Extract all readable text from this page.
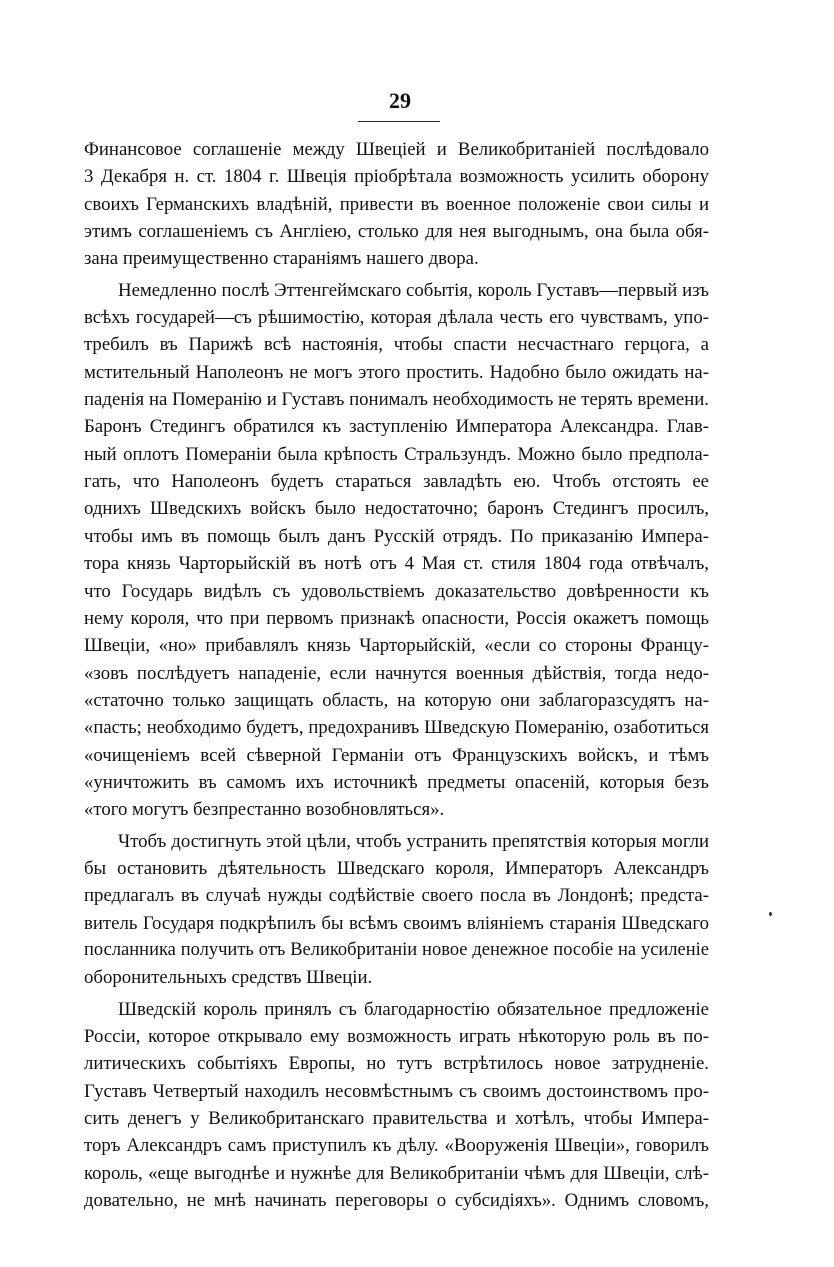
29
Финансовое соглашенiе между Швецiей и Великобританiей послѣдовало
3 Декабря н. ст. 1804 г. Швецiя прiобрѣтала возможность усилить оборону
своихъ Германскихъ владѣнiй, привести въ военное положенiе свои силы и
этимъ соглашенiемъ съ Англiею, столько для нея выгоднымъ, она была обя-
зана преимущественно старанiямъ нашего двора.
Немедленно послѣ Эттенгеймскаго событiя, король Густавъ—первый изъ
всѣхъ государей—съ рѣшимостiю, которая дѣлала честь его чувствамъ, упо-
требилъ въ Парижѣ всѣ настоянiя, чтобы спасти несчастнаго герцога, а
мстительный Наполеонъ не могъ этого простить. Надобно было ожидать на-
паденiя на Померанiю и Густавъ понималъ необходимость не терять времени.
Баронъ Стедингъ обратился къ заступленiю Императора Александра. Глав-
ный оплотъ Померанiи была крѣпость Стральзундъ. Можно было предпола-
гать, что Наполеонъ будетъ стараться завладѣть ею. Чтобъ отстоять ее
однихъ Шведскихъ войскъ было недостаточно; баронъ Стедингъ просилъ,
чтобы имъ въ помощь былъ данъ Русскiй отрядъ. По приказанiю Импера-
тора князь Чарторыйскiй въ нотѣ отъ 4 Мая ст. стиля 1804 года отвѣчалъ,
что Государь видѣлъ съ удовольствiемъ доказательство довѣренности къ
нему короля, что при первомъ признакѣ опасности, Россiя окажетъ помощь
Швецiи, «но» прибавлялъ князь Чарторыйскiй, «если со стороны Францу-
«зовъ послѣдуетъ нападенiе, если начнутся военныя дѣйствiя, тогда недо-
«статочно только защищать область, на которую они заблагоразсудятъ на-
«пасть; необходимо будетъ, предохранивъ Шведскую Померанiю, озаботиться
«очищенiемъ всей сѣверной Германiи отъ Французскихъ войскъ, и тѣмъ
«уничтожить въ самомъ ихъ источникѣ предметы опасенiй, которыя безъ
«того могутъ безпрестанно возобновляться».
Чтобъ достигнуть этой цѣли, чтобъ устранить препятствiя которыя могли
бы остановить дѣятельность Шведскаго короля, Императоръ Александръ
предлагалъ въ случаѣ нужды содѣйствiе своего посла въ Лондонѣ; предста-
витель Государя подкрѣпилъ бы всѣмъ своимъ влiянiемъ старанiя Шведскаго
посланника получить отъ Великобританiи новое денежное пособiе на усиленiе
оборонительныхъ средствъ Швецiи.
Шведскiй король принялъ съ благодарностiю обязательное предложенiе
Россiи, которое открывало ему возможность играть нѣкоторую роль въ по-
литическихъ событiяхъ Европы, но тутъ встрѣтилось новое затрудненiе.
Густавъ Четвертый находилъ несовмѣстнымъ съ своимъ достоинствомъ про-
сить денегъ у Великобританскаго правительства и хотѣлъ, чтобы Импера-
торъ Александръ самъ приступилъ къ дѣлу. «Вооруженiя Швецiи», говорилъ
король, «еще выгоднѣе и нужнѣе для Великобританiи чѣмъ для Швецiи, слѣ-
довательно, не мнѣ начинать переговоры о субсидiяхъ». Однимъ словомъ,
